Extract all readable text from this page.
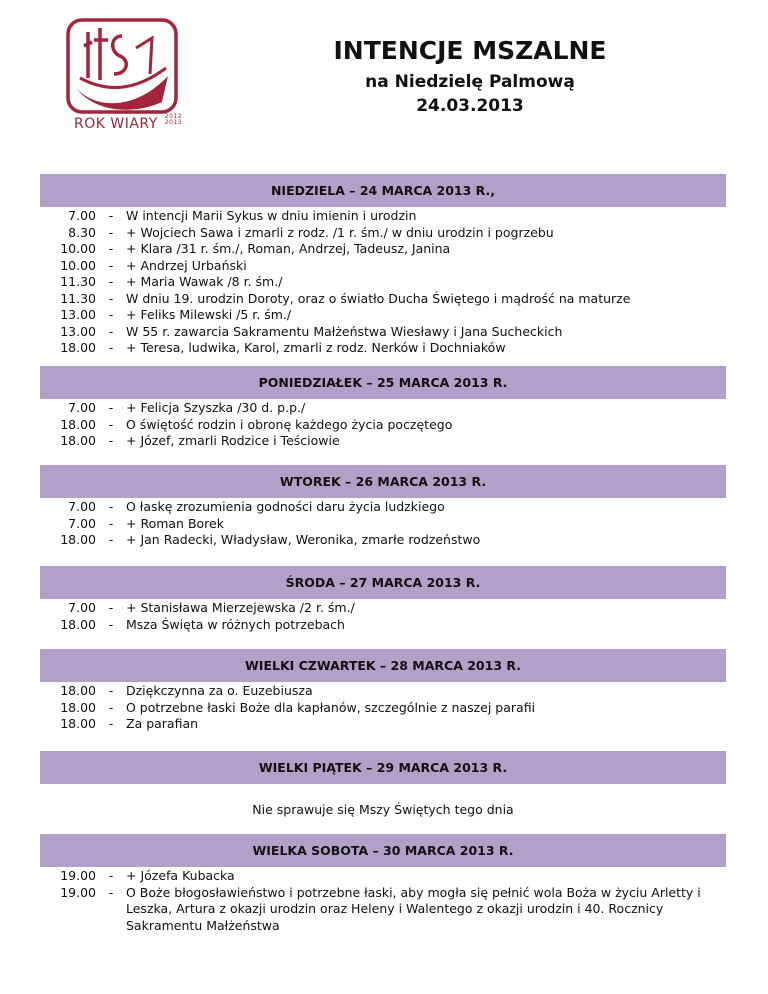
ROK WIARY 2012
2013
INTENCJE MSZALNE
na Niedzielę Palmową
24.03.2013
NIEDZIELA – 24 MARCA 2013 R.,
7.00	-	W intencji Marii Sykus w dniu imienin i urodzin
8.30	-	+ Wojciech Sawa i zmarli z rodz. /1 r. śm./ w dniu urodzin i pogrzebu
10.00	-	+ Klara /31 r. śm./, Roman, Andrzej, Tadeusz, Janina
10.00	-	+ Andrzej Urbański
11.30	-	+ Maria Wawak /8 r. śm./
11.30	-	W dniu 19. urodzin Doroty, oraz o światło Ducha Świętego i mądrość na maturze
13.00	-	+ Feliks Milewski /5 r. śm./
13.00	-	W 55 r. zawarcia Sakramentu Małżeństwa Wiesławy i Jana Sucheckich
18.00	-	+ Teresa, ludwika, Karol, zmarli z rodz. Nerków i Dochniaków
PONIEDZIAŁEK – 25 MARCA 2013 R.
7.00	-	+ Felicja Szyszka /30 d. p.p./
18.00	-	O świętość rodzin i obronę każdego życia poczętego
18.00	-	+ Józef, zmarli Rodzice i Teściowie
WTOREK – 26 MARCA 2013 R.
7.00	-	O łaskę zrozumienia godności daru życia ludzkiego
7.00	-	+ Roman Borek
18.00	-	+ Jan Radecki, Władysław, Weronika, zmarłe rodzeństwo
ŚRODA – 27 MARCA 2013 R.
7.00	-	+ Stanisława Mierzejewska /2 r. śm./
18.00	-	Msza Święta w różnych potrzebach
WIELKI CZWARTEK – 28 MARCA 2013 R.
18.00	-	Dziękczynna za o. Euzebiusza
18.00	-	O potrzebne łaski Boże dla kapłanów, szczególnie z naszej parafii
18.00	-	Za parafian
WIELKI PIĄTEK – 29 MARCA 2013 R.
Nie sprawuje się Mszy Świętych tego dnia
WIELKA SOBOTA – 30 MARCA 2013 R.
19.00	-	+ Józefa Kubacka
19.00	-	O Boże błogosławieństwo i potrzebne łaski, aby mogła się pełnić wola Boża w życiu Arletty i Leszka, Artura z okazji urodzin oraz Heleny i Walentego z okazji urodzin i 40. Rocznicy Sakramentu Małżeństwa
